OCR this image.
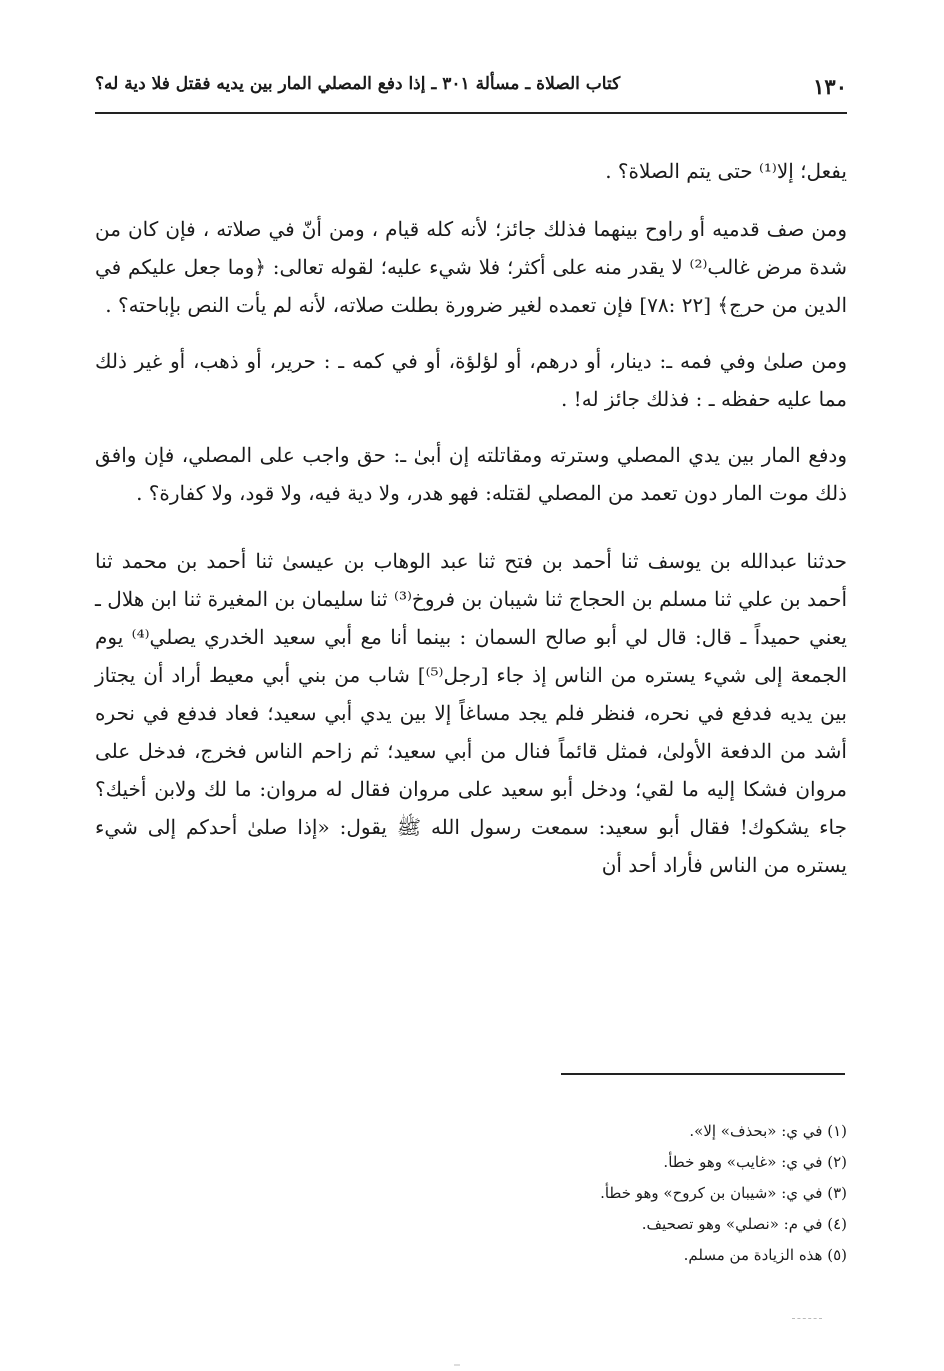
١٣٠
كتاب الصلاة ـ مسألة ٣٠١ ـ إذا دفع المصلي المار بين يديه فقتل فلا دية له؟

يفعل؛ إلا⁽¹⁾ حتى يتم الصلاة؟ .

ومن صف قدميه أو راوح بينهما فذلك جائز؛ لأنه كله قيام ، ومن أنّ في صلاته ، فإن كان من شدة مرض غالب⁽²⁾ لا يقدر منه على أكثر؛ فلا شيء عليه؛ لقوله تعالى: ﴿وما جعل عليكم في الدين من حرج﴾ [٢٢ :٧٨] فإن تعمده لغير ضرورة بطلت صلاته، لأنه لم يأت النص بإباحته؟ .

ومن صلىٰ وفي فمه ـ: دينار، أو درهم، أو لؤلؤة، أو في كمه ـ : حرير، أو ذهب، أو غير ذلك مما عليه حفظه ـ : فذلك جائز له! .

ودفع المار بين يدي المصلي وسترته ومقاتلته إن أبىٰ ـ: حق واجب على المصلي، فإن وافق ذلك موت المار دون تعمد من المصلي لقتله: فهو هدر، ولا دية فيه، ولا قود، ولا كفارة؟ .

حدثنا عبدالله بن يوسف ثنا أحمد بن فتح ثنا عبد الوهاب بن عيسىٰ ثنا أحمد بن محمد ثنا أحمد بن علي ثنا مسلم بن الحجاج ثنا شيبان بن فروخ⁽³⁾ ثنا سليمان بن المغيرة ثنا ابن هلال ـ يعني حميداً ـ قال: قال لي أبو صالح السمان : بينما أنا مع أبي سعيد الخدري يصلي⁽⁴⁾ يوم الجمعة إلى شيء يستره من الناس إذ جاء [رجل⁽⁵⁾] شاب من بني أبي معيط أراد أن يجتاز بين يديه فدفع في نحره، فنظر فلم يجد مساغاً إلا بين يدي أبي سعيد؛ فعاد فدفع في نحره أشد من الدفعة الأولىٰ، فمثل قائماً فنال من أبي سعيد؛ ثم زاحم الناس فخرج، فدخل على مروان فشكا إليه ما لقي؛ ودخل أبو سعيد على مروان فقال له مروان: ما لك ولابن أخيك؟ جاء يشكوك! فقال أبو سعيد: سمعت رسول الله ﷺ يقول: «إذا صلىٰ أحدكم إلى شيء يستره من الناس فأراد أحد أن

(١) في ي: «بحذف» إلا».
(٢) في ي: «غايب» وهو خطأ.
(٣) في ي: «شيبان بن كروح» وهو خطأ.
(٤) في م: «نصلي» وهو تصحيف.
(٥) هذه الزيادة من مسلم.
